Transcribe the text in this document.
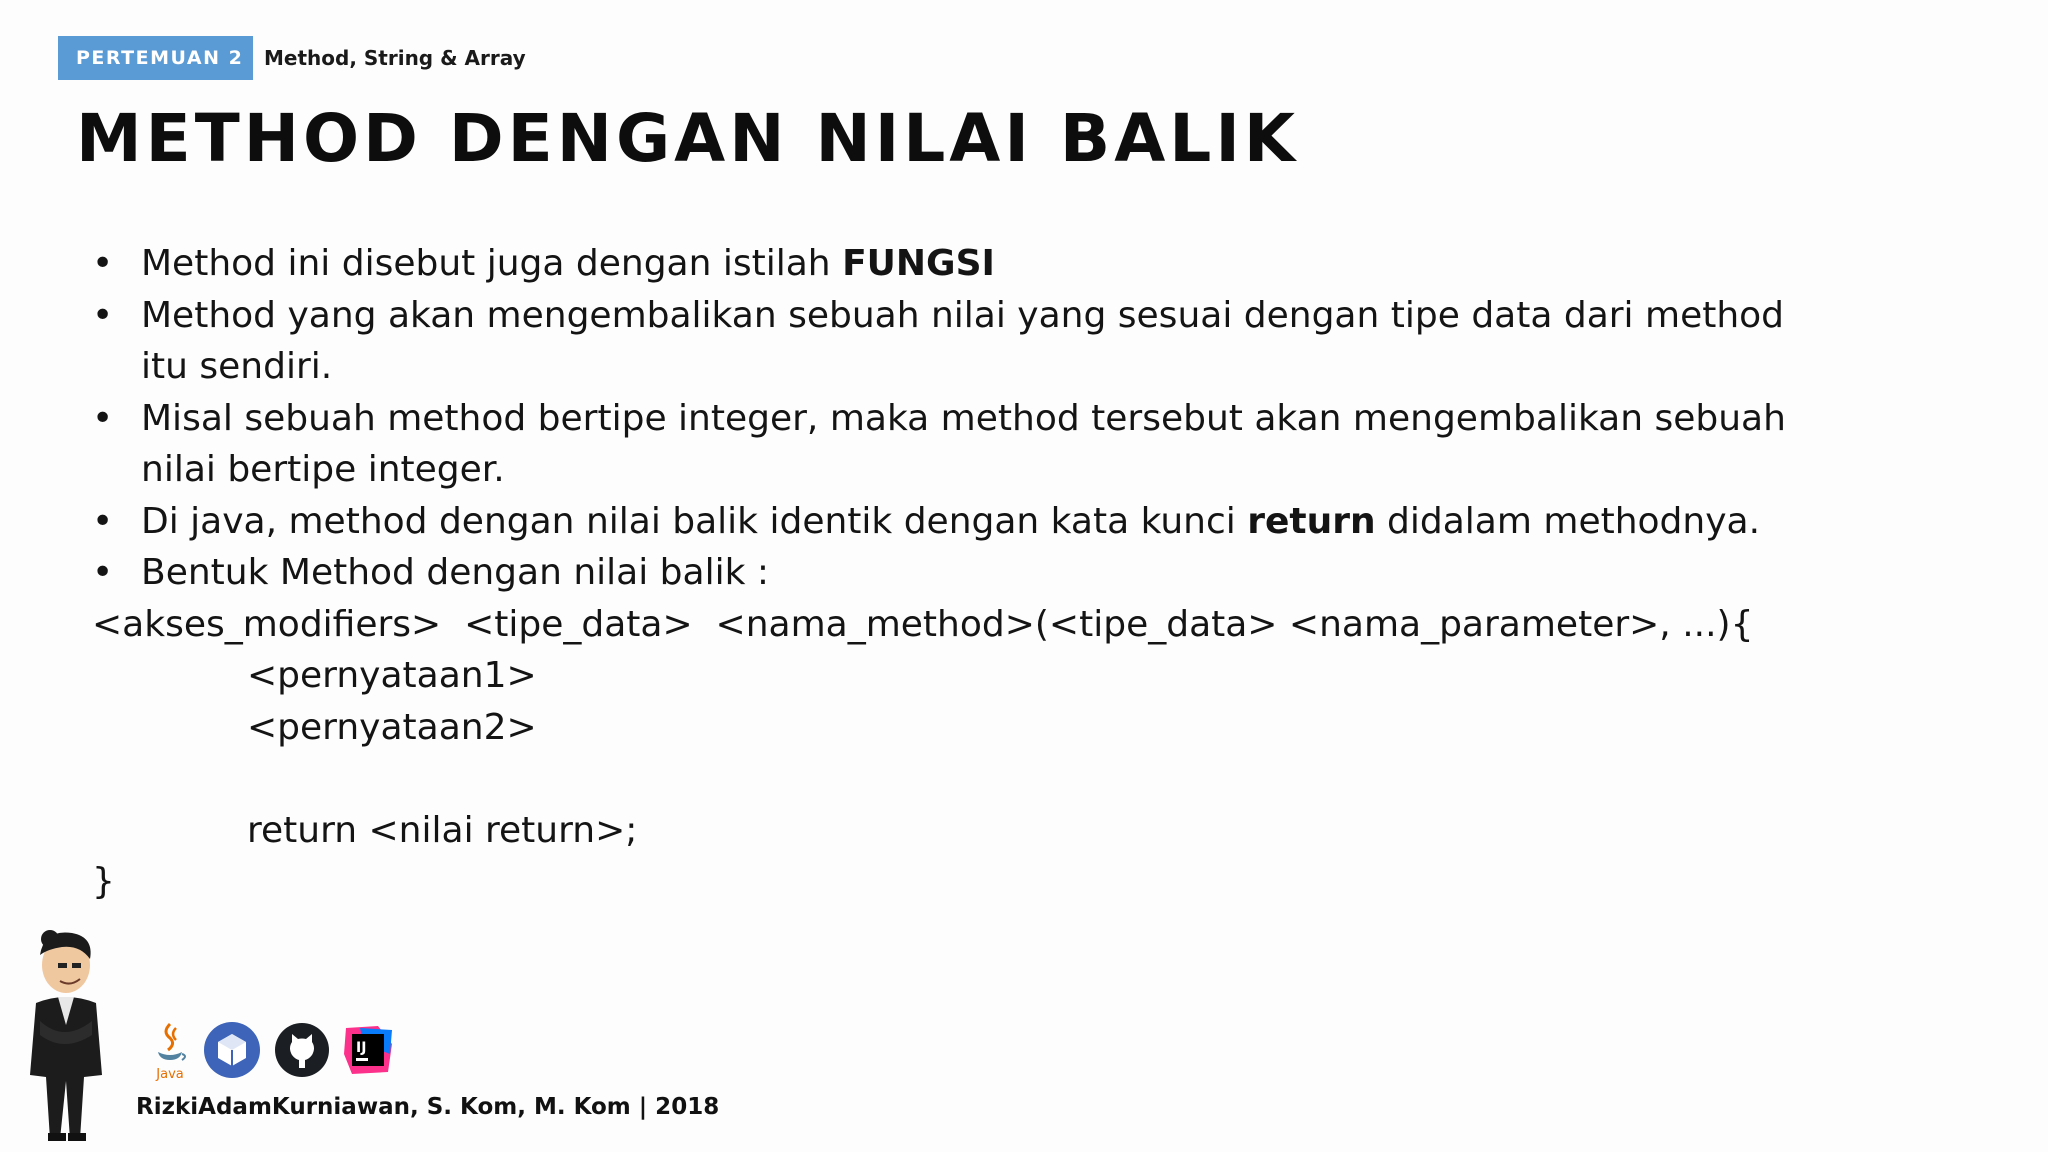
PERTEMUAN 2	Method, String & Array
METHOD DENGAN NILAI BALIK
• Method ini disebut juga dengan istilah FUNGSI
• Method yang akan mengembalikan sebuah nilai yang sesuai dengan tipe data dari method
itu sendiri.
• Misal sebuah method bertipe integer, maka method tersebut akan mengembalikan sebuah
nilai bertipe integer.
• Di java, method dengan nilai balik identik dengan kata kunci return didalam methodnya.
• Bentuk Method dengan nilai balik :
<akses_modifiers>  <tipe_data>  <nama_method>(<tipe_data> <nama_parameter>, ...){
<pernyataan1>
<pernyataan2>
return <nilai return>;
}
Java
IJ
RizkiAdamKurniawan, S. Kom, M. Kom | 2018
